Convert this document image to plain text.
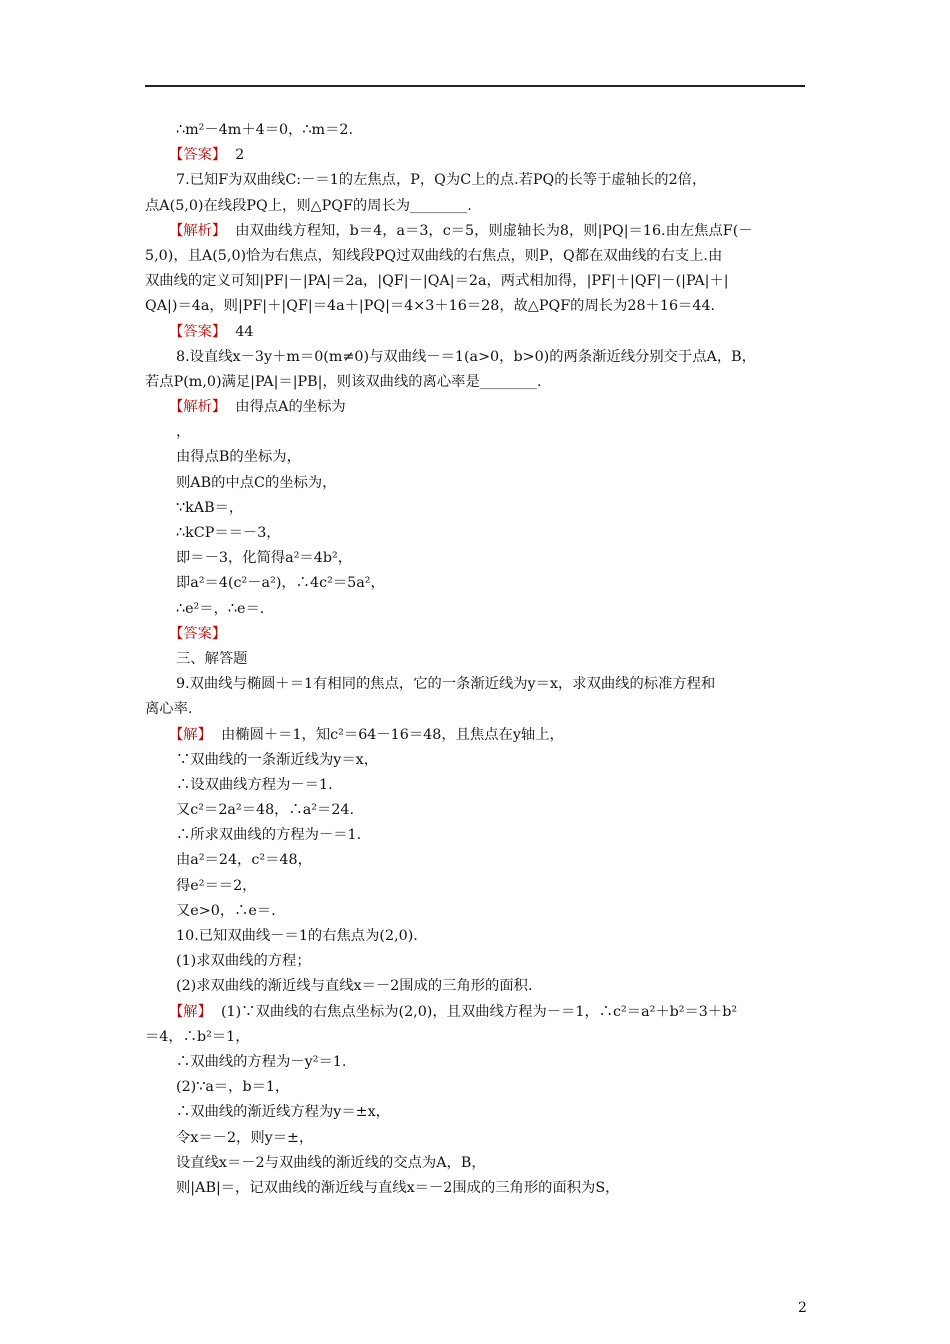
∴m²－4m＋4＝0，∴m＝2.
【答案】  2
7.已知F为双曲线C:－＝1的左焦点，P，Q为C上的点.若PQ的长等于虚轴长的2倍，
点A(5,0)在线段PQ上，则△PQF的周长为________.
【解析】  由双曲线方程知，b＝4，a＝3，c＝5，则虚轴长为8，则|PQ|＝16.由左焦点F(－
5,0)，且A(5,0)恰为右焦点，知线段PQ过双曲线的右焦点，则P，Q都在双曲线的右支上.由
双曲线的定义可知|PF|－|PA|＝2a，|QF|－|QA|＝2a，两式相加得，|PF|＋|QF|－(|PA|＋|
QA|)＝4a，则|PF|＋|QF|＝4a＋|PQ|＝4×3＋16＝28，故△PQF的周长为28＋16＝44.
【答案】  44
8.设直线x－3y＋m＝0(m≠0)与双曲线－＝1(a>0，b>0)的两条渐近线分别交于点A，B，
若点P(m,0)满足|PA|＝|PB|，则该双曲线的离心率是________.
【解析】  由得点A的坐标为
，
由得点B的坐标为，
则AB的中点C的坐标为，
∵kAB＝，
∴kCP＝＝－3，
即＝－3，化简得a²＝4b²，
即a²＝4(c²－a²)，∴4c²＝5a²，
∴e²＝，∴e＝.
【答案】
三、解答题
9.双曲线与椭圆＋＝1有相同的焦点，它的一条渐近线为y＝x，求双曲线的标准方程和
离心率.
【解】  由椭圆＋＝1，知c²＝64－16＝48，且焦点在y轴上，
∵双曲线的一条渐近线为y＝x，
∴设双曲线方程为－＝1.
又c²＝2a²＝48，∴a²＝24.
∴所求双曲线的方程为－＝1.
由a²＝24，c²＝48，
得e²＝＝2，
又e>0，∴e＝.
10.已知双曲线－＝1的右焦点为(2,0).
(1)求双曲线的方程；
(2)求双曲线的渐近线与直线x＝－2围成的三角形的面积.
【解】  (1)∵双曲线的右焦点坐标为(2,0)，且双曲线方程为－＝1，∴c²＝a²＋b²＝3＋b²
＝4，∴b²＝1，
∴双曲线的方程为－y²＝1.
(2)∵a＝，b＝1，
∴双曲线的渐近线方程为y＝±x，
令x＝－2，则y＝±，
设直线x＝－2与双曲线的渐近线的交点为A，B，
则|AB|＝，记双曲线的渐近线与直线x＝－2围成的三角形的面积为S，
2
